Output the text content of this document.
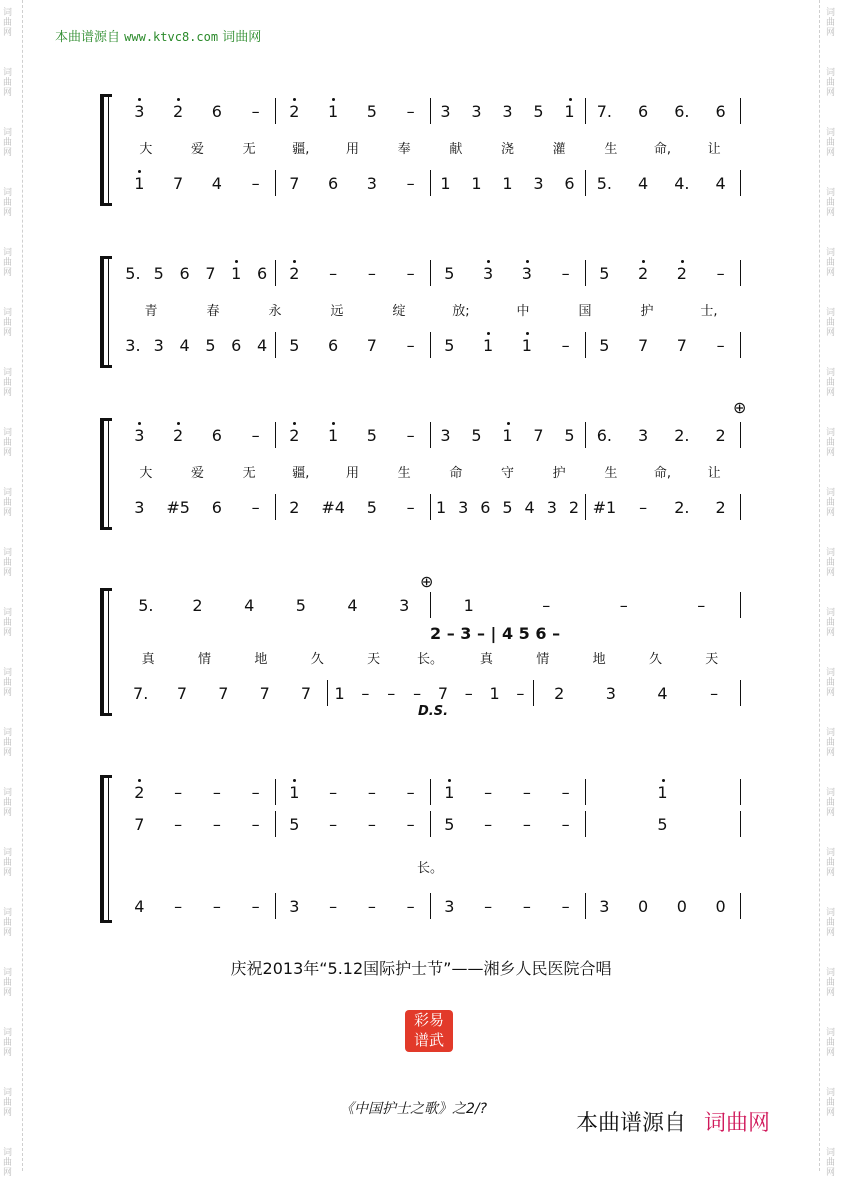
词
曲
网
词
曲
网
词
曲
网
词
曲
网
词
曲
网
词
曲
网
词
曲
网
词
曲
网
词
曲
网
词
曲
网
词
曲
网
词
曲
网
词
曲
网
词
曲
网
词
曲
网
词
曲
网
词
曲
网
词
曲
网
词
曲
网
词
曲
网
词
曲
网
词
曲
网
词
曲
网
词
曲
网
词
曲
网
词
曲
网
词
曲
网
词
曲
网
词
曲
网
词
曲
网
词
曲
网
词
曲
网
词
曲
网
词
曲
网
词
曲
网
词
曲
网
词
曲
网
词
曲
网
词
曲
网
词
曲
网
本曲谱源自 www.ktvc8.com 词曲网
3 2 6 – 2 1 5 – 3 3 3 5 1 7. 6 6. 6
大	爱	无	疆,	用	奉	献	浇	灌	生	命,	让
1 7 4 – 7 6 3 – 1 1 1 3 6 5. 4 4. 4
5. 5 6 7 1 6 2 – – – 5 3 3 – 5 2 2 –
青	春	永	远	绽	放;	中	国	护	士,
3. 3 4 5 6 4 5 6 7 – 5 1 1 – 5 7 7 –
3 2 6 – 2 1 5 – 3 5 1 7 5 6. 3 2. 2
大	爱	无	疆,	用	生	命	守	护	生	命,	让
3 #5 6 – 2 #4 5 – 1 3 6 5 4 3 2 #1 – 2. 2
5. 2	4	5	4	3	1	–	–	–
真	情	地	久	天	长。	真	情	地	久	天
7. 7 7 7 7 1 – – – 7 – 1 – 2	3	4	–
2 – 3 – | 4 5 6 –
⊕
D.S.
2 – – – 1 – – – 1 – – –	1
7 – – – 5 – – – 5 – – –	5
长。
4 – – – 3 – – – 3 – – – 3 0 0 0
庆祝2013年“5.12国际护士节”——湘乡人民医院合唱
彩易 谱武
《中国护士之歌》之2/?
本曲谱源自 词曲网
⊕
